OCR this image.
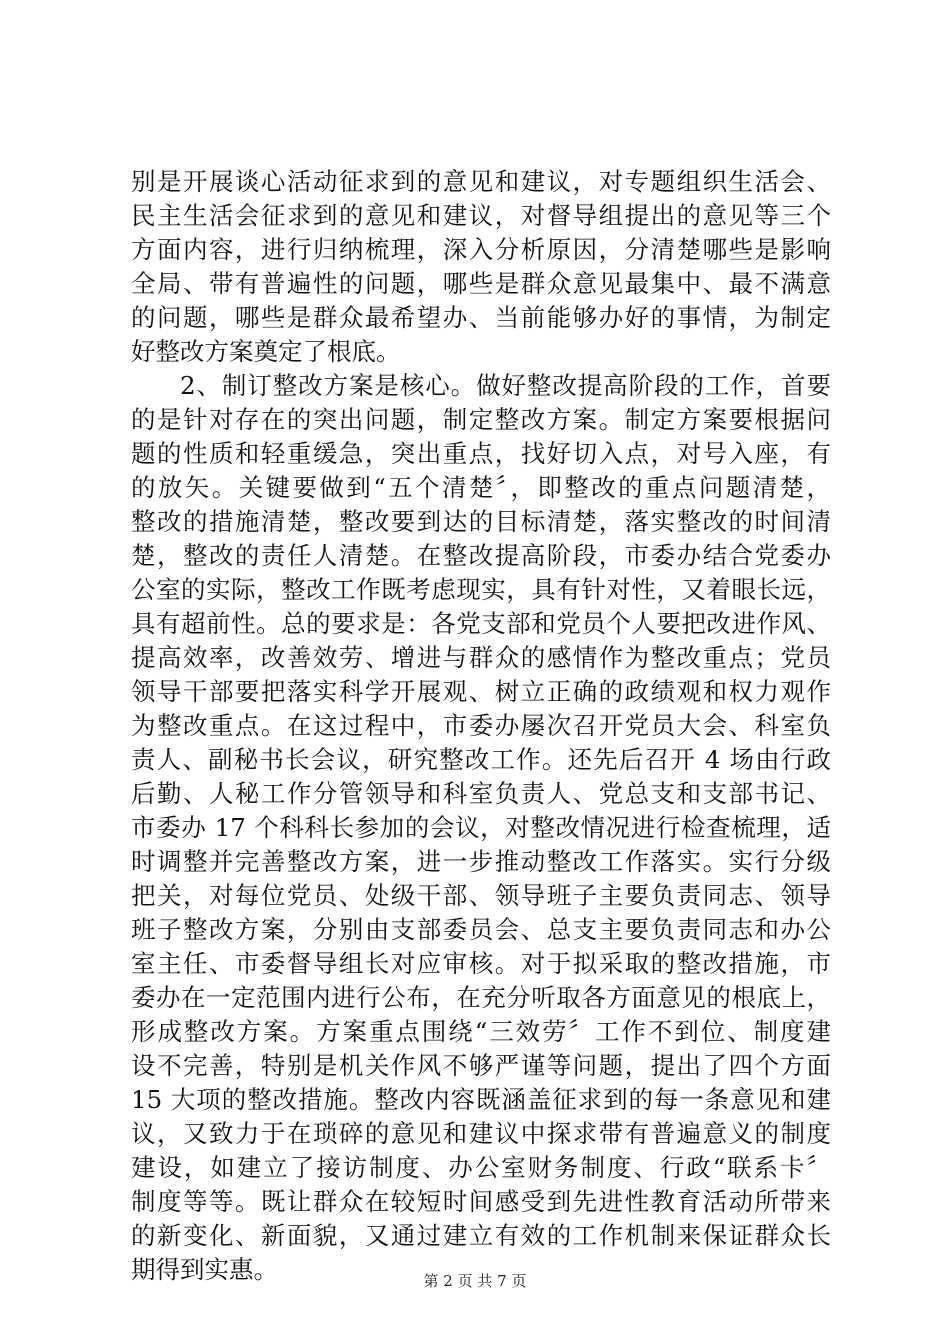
别是开展谈心活动征求到的意见和建议，对专题组织生活会、
民主生活会征求到的意见和建议，对督导组提出的意见等三个
方面内容，进行归纳梳理，深入分析原因，分清楚哪些是影响
全局、带有普遍性的问题，哪些是群众意见最集中、最不满意
的问题，哪些是群众最希望办、当前能够办好的事情，为制定
好整改方案奠定了根底。
2、制订整改方案是核心。做好整改提高阶段的工作，首要
的是针对存在的突出问题，制定整改方案。制定方案要根据问
题的性质和轻重缓急，突出重点，找好切入点，对号入座，有
的放矢。关键要做到“五个清楚〞，即整改的重点问题清楚，
整改的措施清楚，整改要到达的目标清楚，落实整改的时间清
楚，整改的责任人清楚。在整改提高阶段，市委办结合党委办
公室的实际，整改工作既考虑现实，具有针对性，又着眼长远，
具有超前性。总的要求是：各党支部和党员个人要把改进作风、
提高效率，改善效劳、增进与群众的感情作为整改重点；党员
领导干部要把落实科学开展观、树立正确的政绩观和权力观作
为整改重点。在这过程中，市委办屡次召开党员大会、科室负
责人、副秘书长会议，研究整改工作。还先后召开 4 场由行政
后勤、人秘工作分管领导和科室负责人、党总支和支部书记、
市委办 17 个科科长参加的会议，对整改情况进行检查梳理，适
时调整并完善整改方案，进一步推动整改工作落实。实行分级
把关，对每位党员、处级干部、领导班子主要负责同志、领导
班子整改方案，分别由支部委员会、总支主要负责同志和办公
室主任、市委督导组长对应审核。对于拟采取的整改措施，市
委办在一定范围内进行公布，在充分听取各方面意见的根底上，
形成整改方案。方案重点围绕“三效劳〞工作不到位、制度建
设不完善，特别是机关作风不够严谨等问题，提出了四个方面
15 大项的整改措施。整改内容既涵盖征求到的每一条意见和建
议，又致力于在琐碎的意见和建议中探求带有普遍意义的制度
建设，如建立了接访制度、办公室财务制度、行政“联系卡〞
制度等等。既让群众在较短时间感受到先进性教育活动所带来
的新变化、新面貌，又通过建立有效的工作机制来保证群众长
期得到实惠。	第 2 页 共 7 页
